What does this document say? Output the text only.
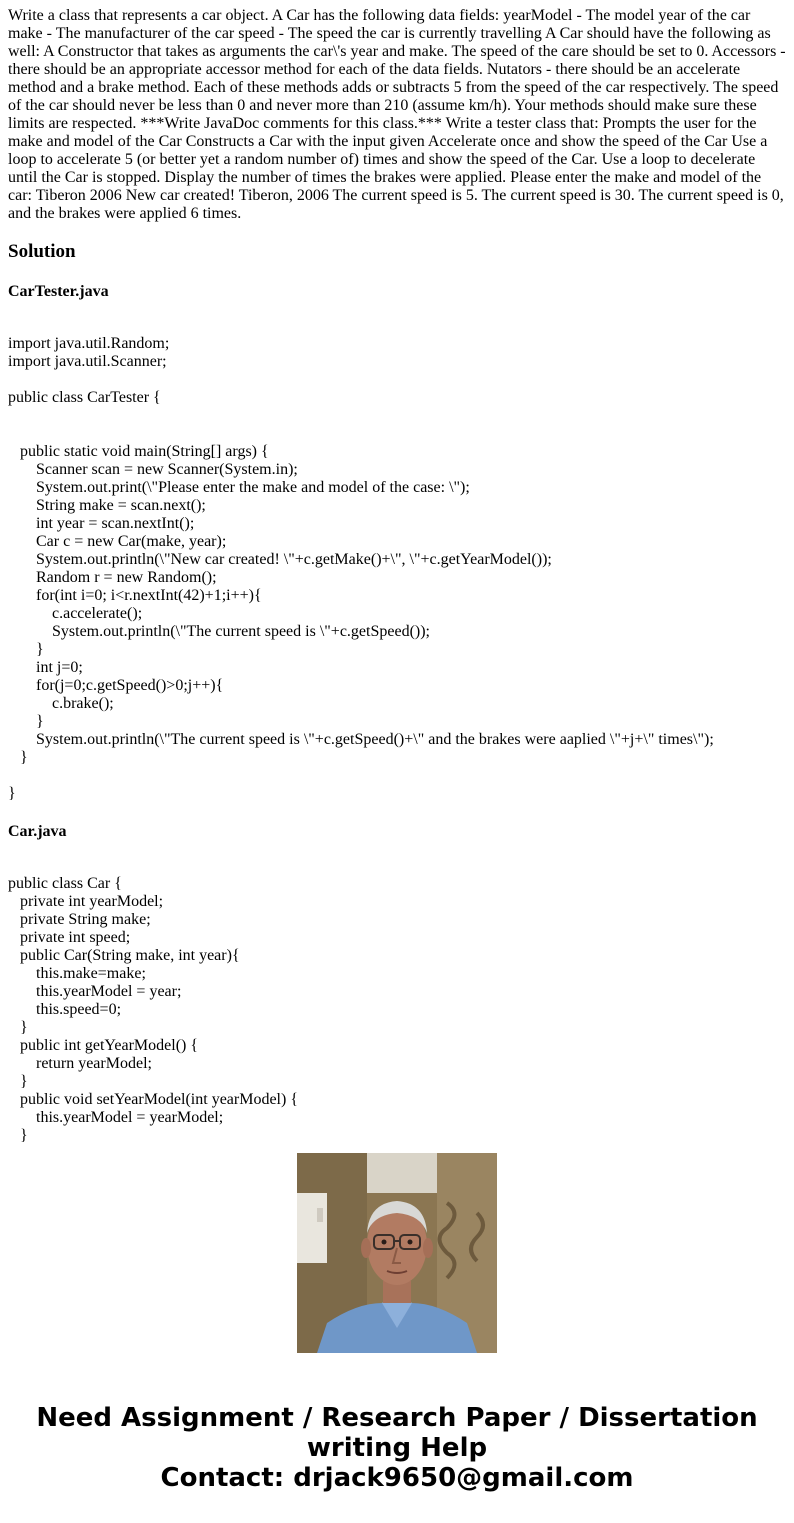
Write a class that represents a car object. A Car has the following data fields: yearModel - The model year of the car make - The manufacturer of the car speed - The speed the car is currently travelling A Car should have the following as well: A Constructor that takes as arguments the car\'s year and make. The speed of the care should be set to 0. Accessors - there should be an appropriate accessor method for each of the data fields. Nutators - there should be an accelerate method and a brake method. Each of these methods adds or subtracts 5 from the speed of the car respectively. The speed of the car should never be less than 0 and never more than 210 (assume km/h). Your methods should make sure these limits are respected. ***Write JavaDoc comments for this class.*** Write a tester class that: Prompts the user for the make and model of the Car Constructs a Car with the input given Accelerate once and show the speed of the Car Use a loop to accelerate 5 (or better yet a random number of) times and show the speed of the Car. Use a loop to decelerate until the Car is stopped. Display the number of times the brakes were applied. Please enter the make and model of the car: Tiberon 2006 New car created! Tiberon, 2006 The current speed is 5. The current speed is 30. The current speed is 0, and the brakes were applied 6 times.

Solution
CarTester.java
import java.util.Random;
import java.util.Scanner;

public class CarTester {

public static void main(String[] args) {
Scanner scan = new Scanner(System.in);
System.out.print(\"Please enter the make and model of the case: \");
String make = scan.next();
int year = scan.nextInt();
Car c = new Car(make, year);
System.out.println(\"New car created! \"+c.getMake()+\", \"+c.getYearModel());
Random r = new Random();
for(int i=0; i<r.nextInt(42)+1;i++){
c.accelerate();
System.out.println(\"The current speed is \"+c.getSpeed());
}
int j=0;
for(j=0;c.getSpeed()>0;j++){
c.brake();
}
System.out.println(\"The current speed is \"+c.getSpeed()+\" and the brakes were aaplied \"+j+\" times\");
}

}
Car.java
public class Car {
private int yearModel;
private String make;
private int speed;
public Car(String make, int year){
this.make=make;
this.yearModel = year;
this.speed=0;
}
public int getYearModel() {
return yearModel;
}
public void setYearModel(int yearModel) {
this.yearModel = yearModel;
}
Need Assignment / Research Paper / Dissertation
writing Help
Contact: drjack9650@gmail.com
